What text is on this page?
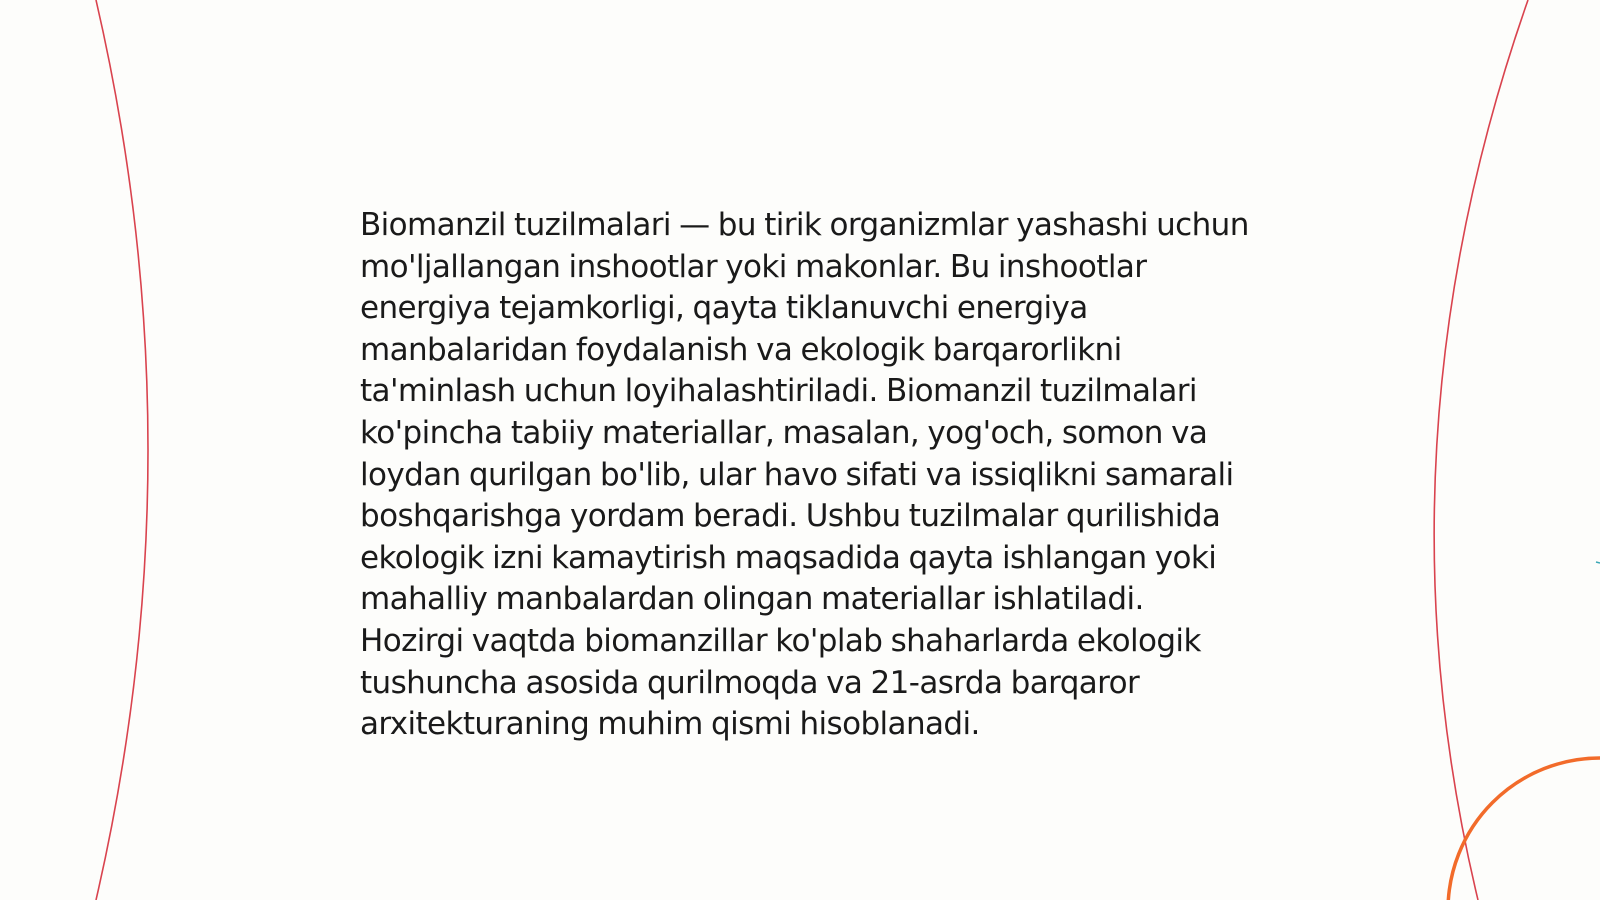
Biomanzil tuzilmalari — bu tirik organizmlar yashashi uchun mo'ljallangan inshootlar yoki makonlar. Bu inshootlar energiya tejamkorligi, qayta tiklanuvchi energiya manbalaridan foydalanish va ekologik barqarorlikni ta'minlash uchun loyihalashtiriladi. Biomanzil tuzilmalari ko'pincha tabiiy materiallar, masalan, yog'och, somon va loydan qurilgan bo'lib, ular havo sifati va issiqlikni samarali boshqarishga yordam beradi. Ushbu tuzilmalar qurilishida ekologik izni kamaytirish maqsadida qayta ishlangan yoki mahalliy manbalardan olingan materiallar ishlatiladi. Hozirgi vaqtda biomanzillar ko'plab shaharlarda ekologik tushuncha asosida qurilmoqda va 21-asrda barqaror arxitekturaning muhim qismi hisoblanadi.
